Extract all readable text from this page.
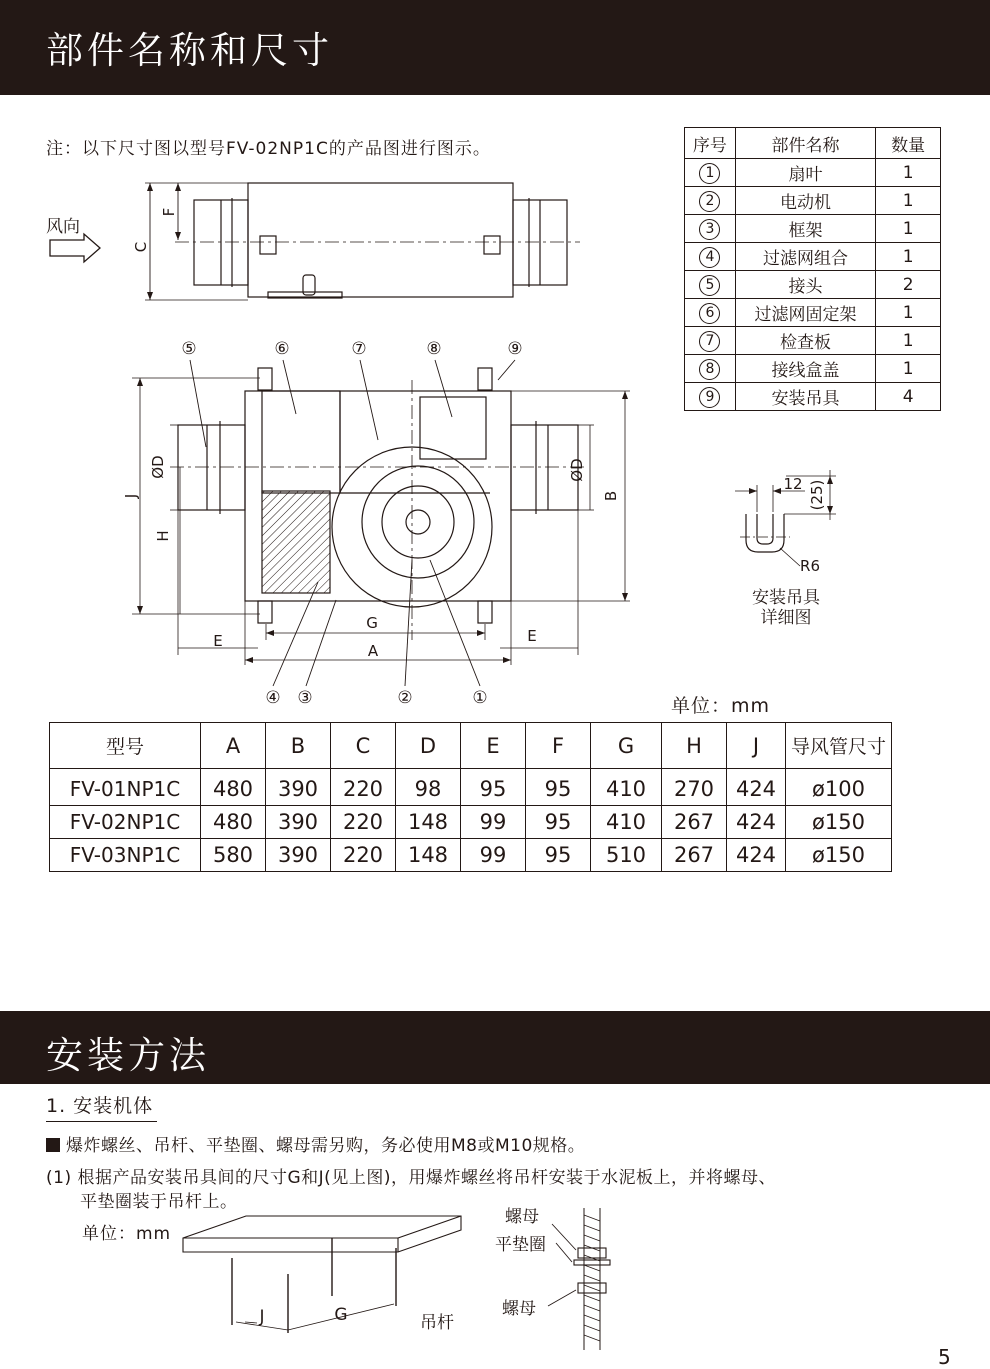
部件名称和尺寸
注：以下尺寸图以型号FV-02NP1C的产品图进行图示。
风向
C
F
⑤	⑥	⑦	⑧	⑨
④ ③	②	①
J
H
ØD	ØD
B
G
E	E
A
12 (25)
R6
安装吊具
详细图
J	G	吊杆
螺母
平垫圈
螺母
序号	部件名称	数量
1	扇叶	1
2	电动机	1
3	框架	1
4	过滤网组合	1
5	接头	2
6	过滤网固定架	1
7	检查板	1
8	接线盒盖	1
9	安装吊具	4
单位：mm
型号	A	B	C	D	E	F	G	H	J	导风管尺寸
FV-01NP1C	480	390	220	98	95	95	410	270	424	ø100
FV-02NP1C	480	390	220	148	99	95	410	267	424	ø150
FV-03NP1C	580	390	220	148	99	95	510	267	424	ø150
安装方法
1. 安装机体
爆炸螺丝、吊杆、平垫圈、螺母需另购，务必使用M8或M10规格。
(1) 根据产品安装吊具间的尺寸G和J(见上图)，用爆炸螺丝将吊杆安装于水泥板上，并将螺母、
平垫圈装于吊杆上。
单位：mm
5
